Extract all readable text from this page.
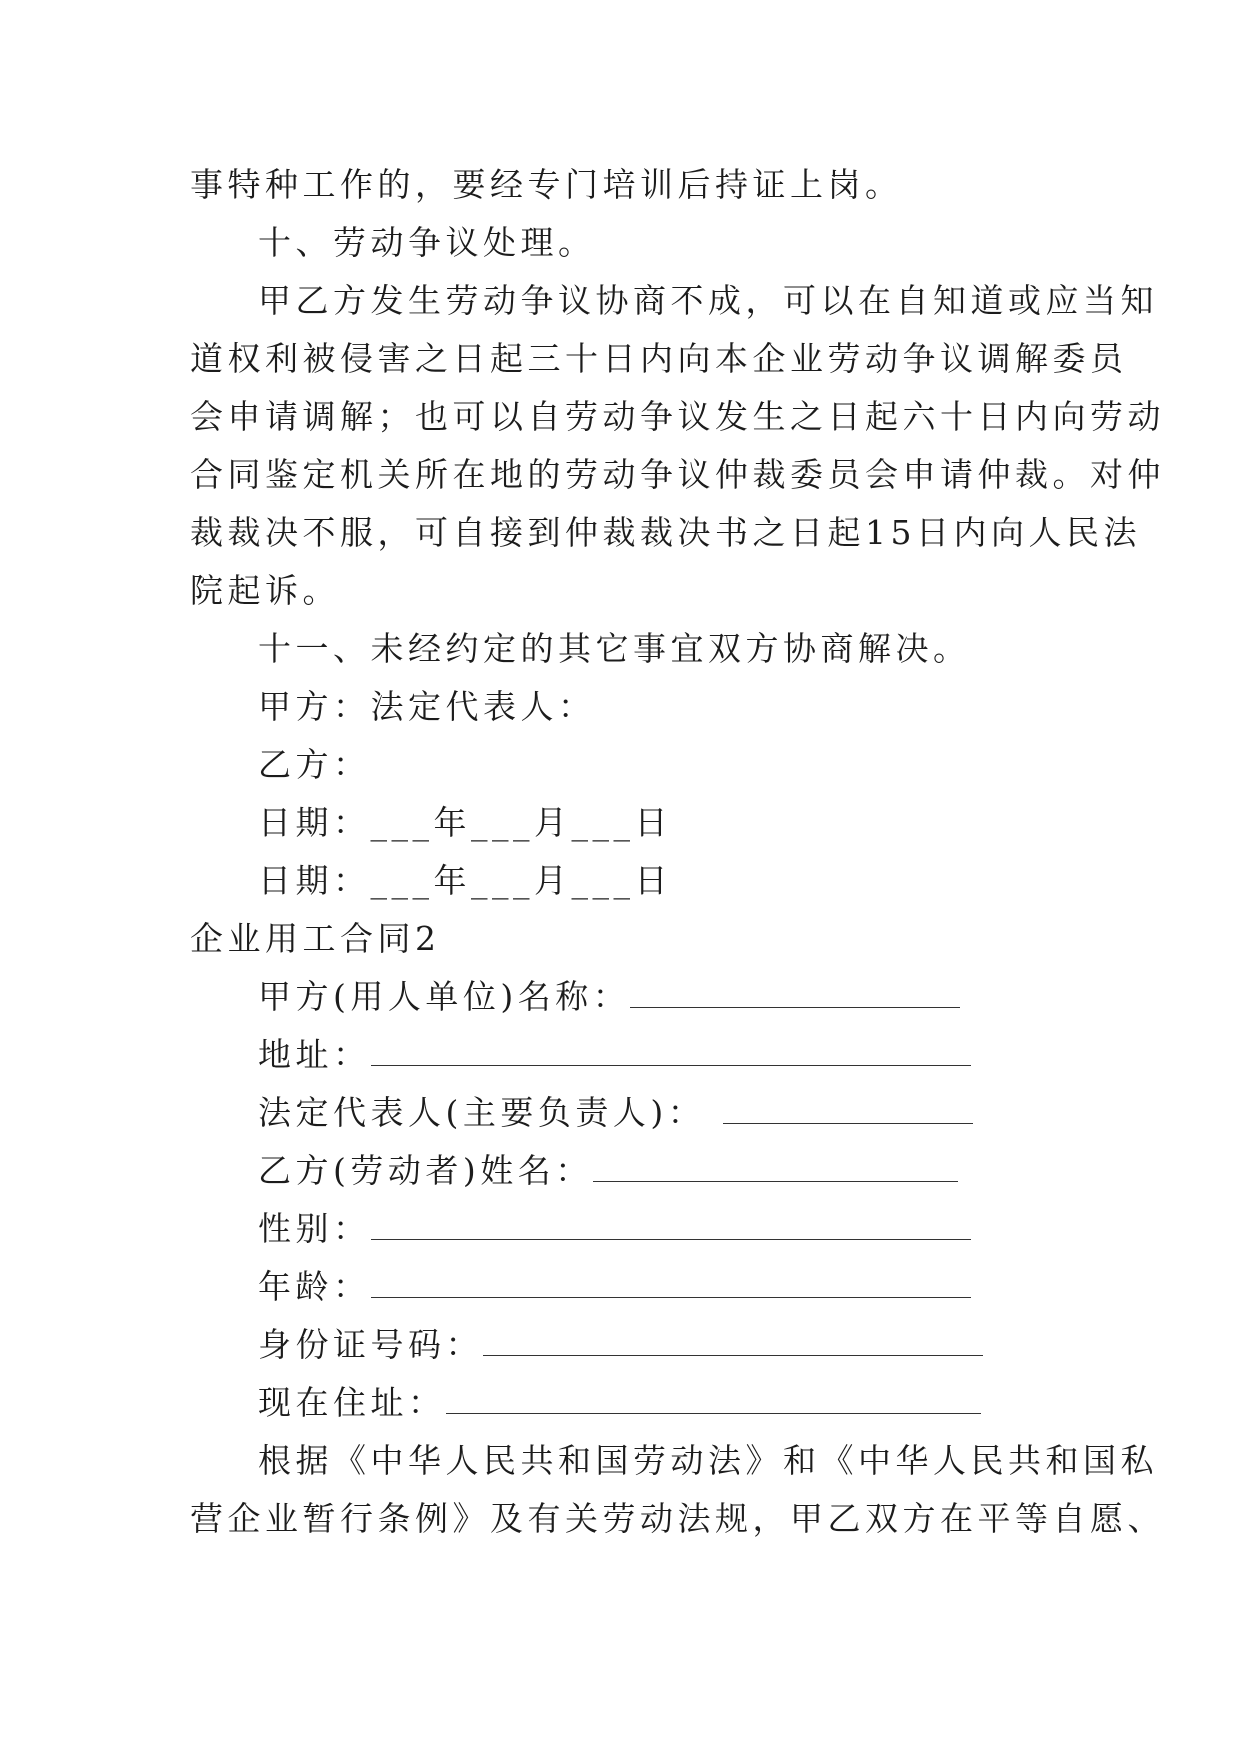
事特种工作的，要经专门培训后持证上岗。
十、劳动争议处理。
甲乙方发生劳动争议协商不成，可以在自知道或应当知
道权利被侵害之日起三十日内向本企业劳动争议调解委员
会申请调解；也可以自劳动争议发生之日起六十日内向劳动
合同鉴定机关所在地的劳动争议仲裁委员会申请仲裁。对仲
裁裁决不服，可自接到仲裁裁决书之日起15日内向人民法
院起诉。
十一、未经约定的其它事宜双方协商解决。
甲方：法定代表人：
乙方：
日期：___年___月___日
日期：___年___月___日
企业用工合同2
甲方(用人单位)名称：
地址：
法定代表人(主要负责人)：
乙方(劳动者)姓名：
性别：
年龄：
身份证号码：
现在住址：
根据《中华人民共和国劳动法》和《中华人民共和国私
营企业暂行条例》及有关劳动法规，甲乙双方在平等自愿、
